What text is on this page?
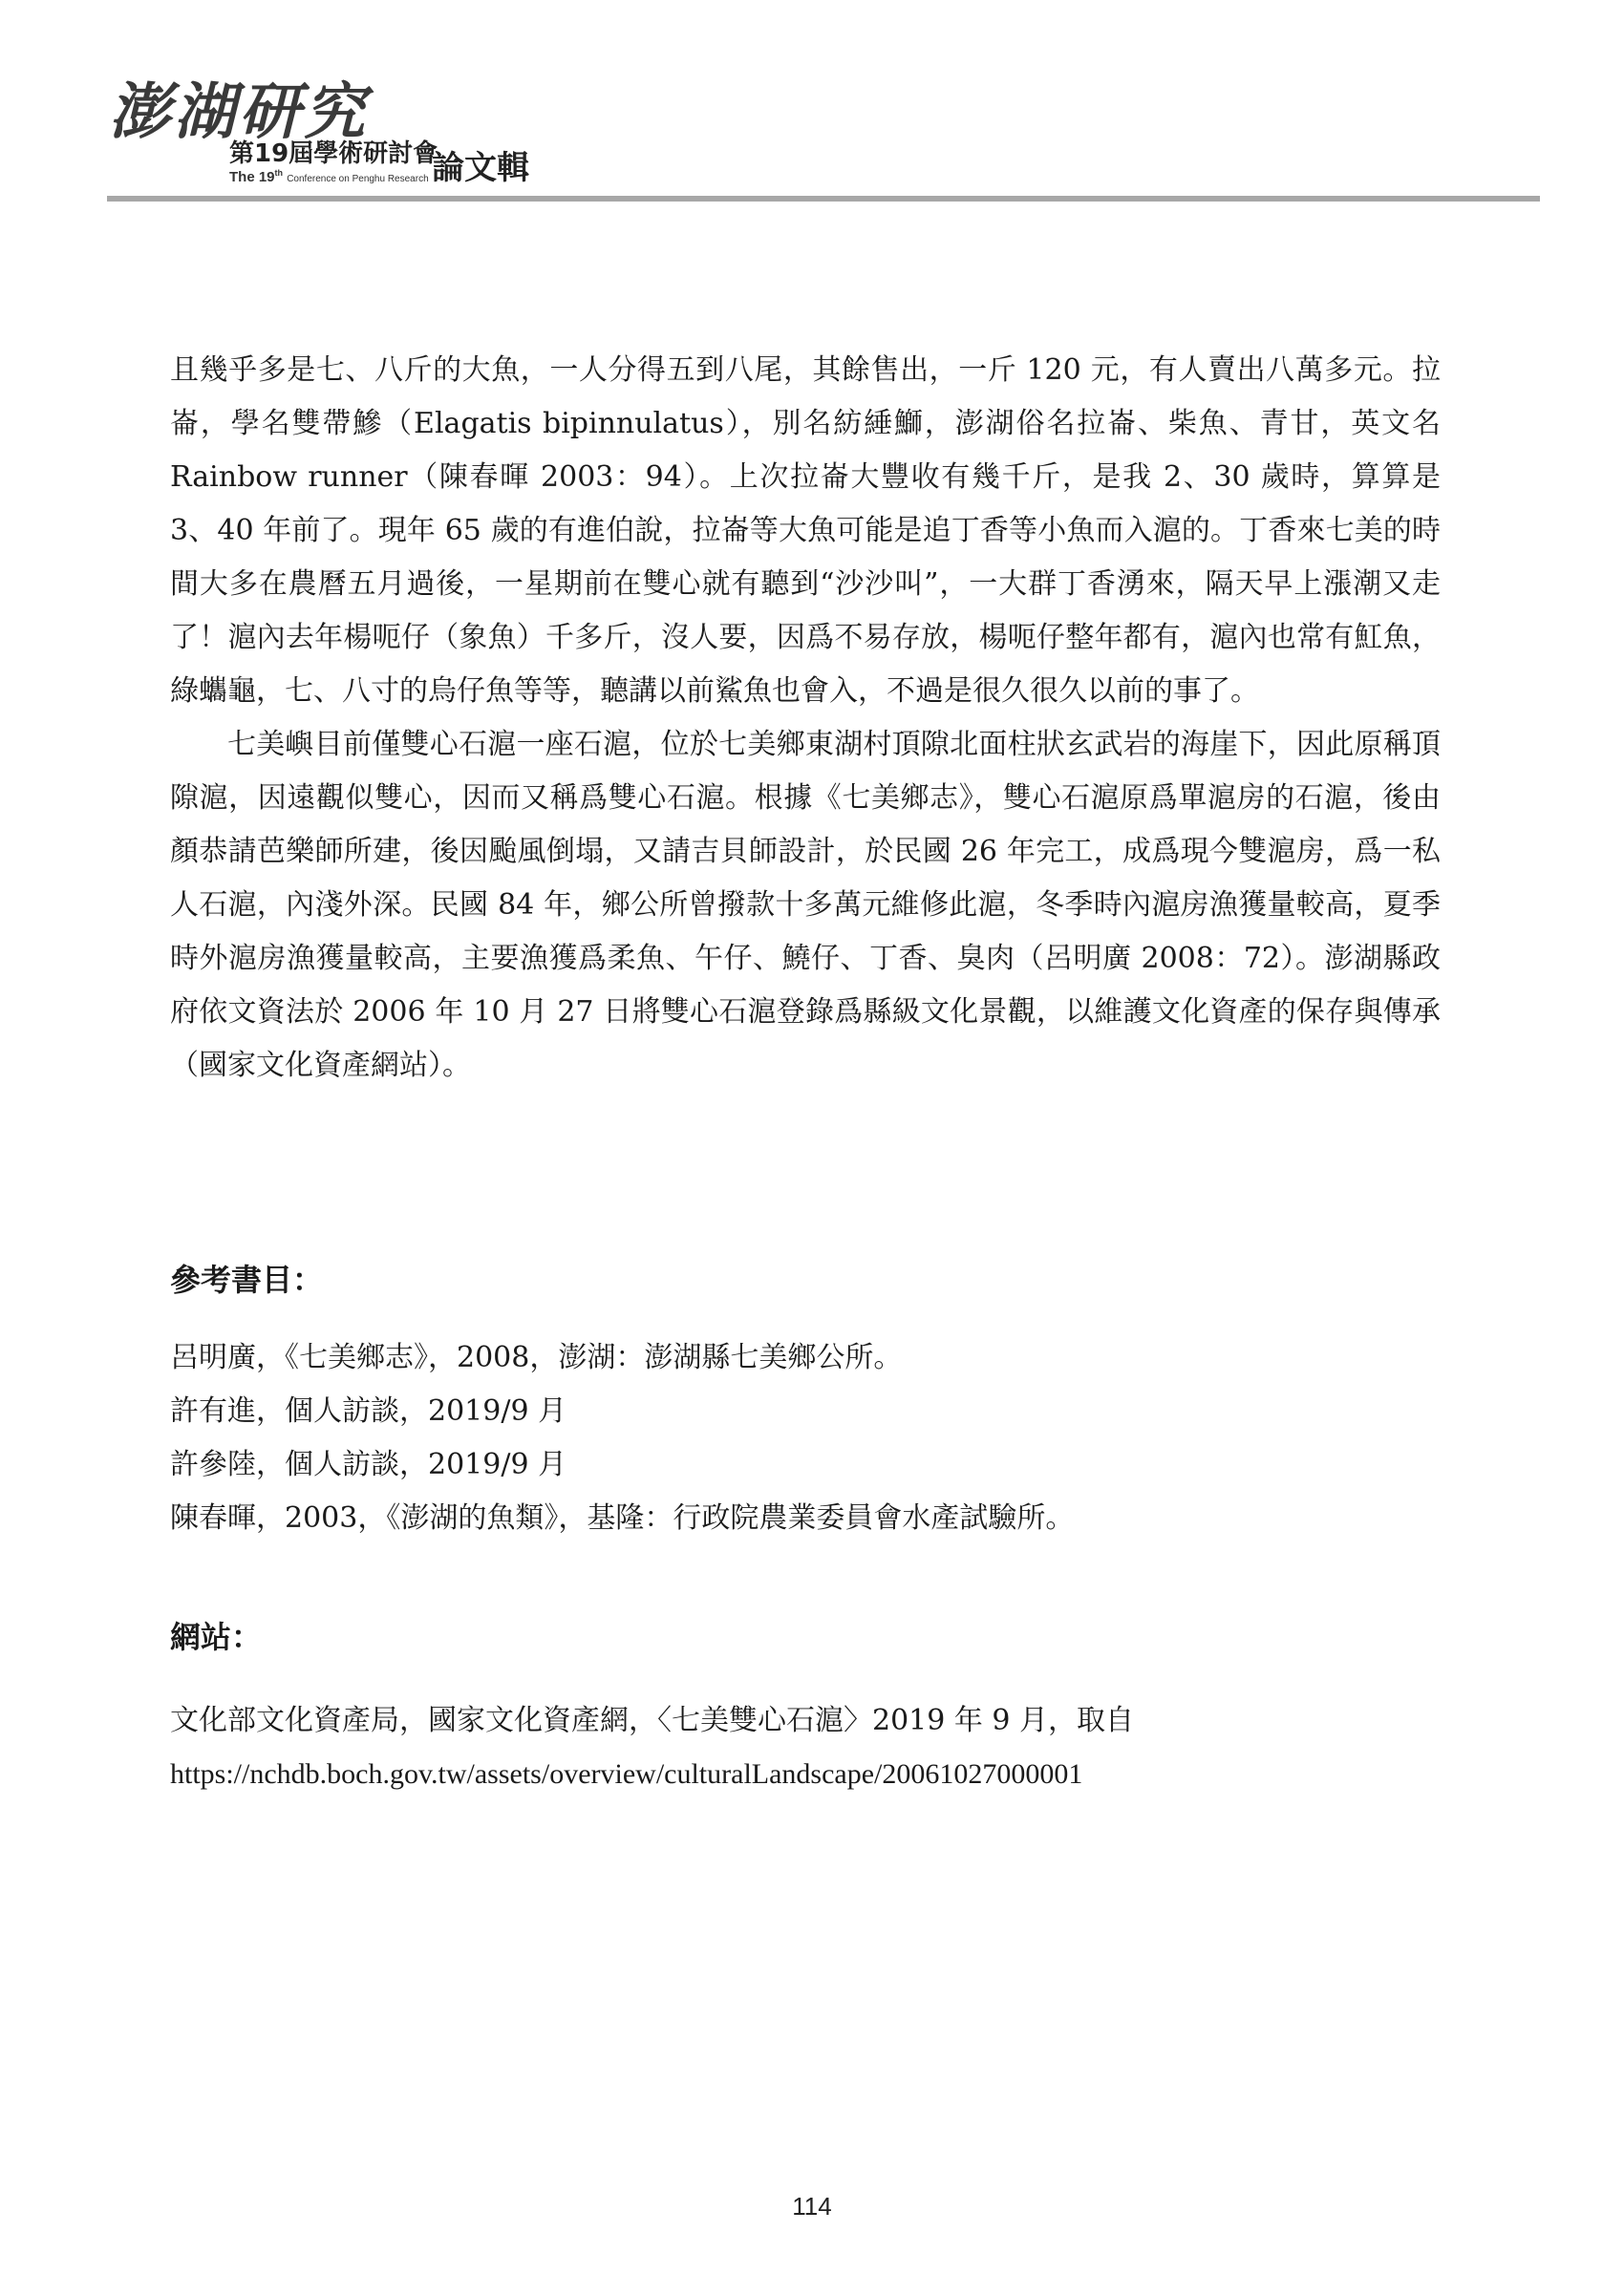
澎湖研究
第19屆學術研討會
The 19th Conference on Penghu Research 論文輯

且幾乎多是七、八斤的大魚，一人分得五到八尾，其餘售出，一斤 120 元，有人賣出八萬多元。拉崙，學名雙帶鰺（Elagatis bipinnulatus），別名紡綞鰤，澎湖俗名拉崙、柴魚、青甘，英文名 Rainbow runner（陳春暉 2003：94）。上次拉崙大豐收有幾千斤，是我 2、30 歲時，算算是 3、40 年前了。現年 65 歲的有進伯說，拉崙等大魚可能是追丁香等小魚而入滬的。丁香來七美的時間大多在農曆五月過後，一星期前在雙心就有聽到“沙沙叫”，一大群丁香湧來，隔天早上漲潮又走了！滬內去年楊呃仔（象魚）千多斤，沒人要，因爲不易存放，楊呃仔整年都有，滬內也常有魟魚，綠蠵龜，七、八寸的烏仔魚等等，聽講以前鯊魚也會入，不過是很久很久以前的事了。

七美嶼目前僅雙心石滬一座石滬，位於七美鄉東湖村頂隙北面柱狀玄武岩的海崖下，因此原稱頂隙滬，因遠觀似雙心，因而又稱爲雙心石滬。根據《七美鄉志》，雙心石滬原爲單滬房的石滬，後由顏恭請芭樂師所建，後因颱風倒塌，又請吉貝師設計，於民國 26 年完工，成爲現今雙滬房，爲一私人石滬，內淺外深。民國 84 年，鄉公所曾撥款十多萬元維修此滬，冬季時內滬房漁獲量較高，夏季時外滬房漁獲量較高，主要漁獲爲柔魚、午仔、鱙仔、丁香、臭肉（呂明廣 2008：72）。澎湖縣政府依文資法於 2006 年 10 月 27 日將雙心石滬登錄爲縣級文化景觀，以維護文化資產的保存與傳承（國家文化資產網站）。

參考書目：
呂明廣，《七美鄉志》，2008，澎湖：澎湖縣七美鄉公所。
許有進，個人訪談，2019/9 月
許參陸，個人訪談，2019/9 月
陳春暉，2003，《澎湖的魚類》，基隆：行政院農業委員會水產試驗所。
網站：
文化部文化資產局，國家文化資產網，〈七美雙心石滬〉2019 年 9 月，取自
https://nchdb.boch.gov.tw/assets/overview/culturalLandscape/20061027000001
114
